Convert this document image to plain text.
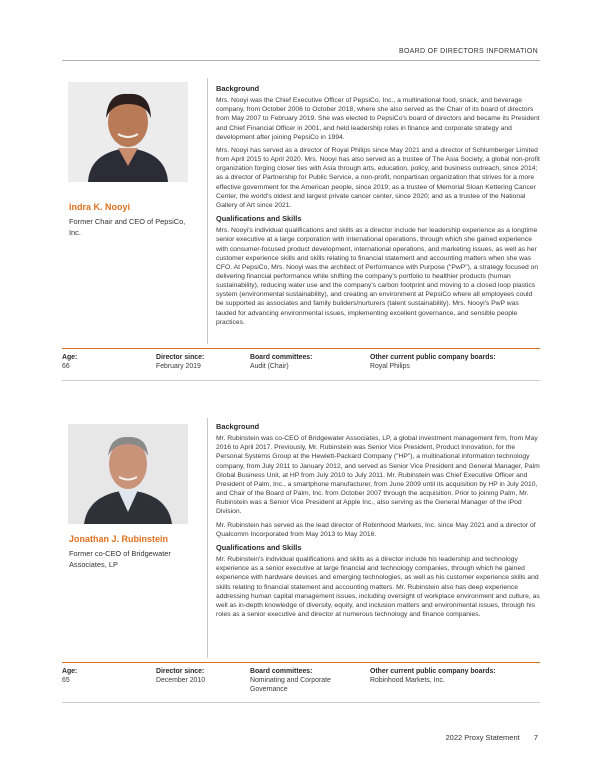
BOARD OF DIRECTORS INFORMATION
Indra K. Nooyi
Former Chair and CEO of PepsiCo, Inc.
Background

Mrs. Nooyi was the Chief Executive Officer of PepsiCo, Inc., a multinational food, snack, and beverage company, from October 2006 to October 2018, where she also served as the Chair of its board of directors from May 2007 to February 2019. She was elected to PepsiCo's board of directors and became its President and Chief Financial Officer in 2001, and held leadership roles in finance and corporate strategy and development after joining PepsiCo in 1994.

Mrs. Nooyi has served as a director of Royal Philips since May 2021 and a director of Schlumberger Limited from April 2015 to April 2020. Mrs. Nooyi has also served as a trustee of The Asia Society, a global non-profit organization forging closer ties with Asia through arts, education, policy, and business outreach, since 2014; as a director of Partnership for Public Service, a non-profit, nonpartisan organization that strives for a more effective government for the American people, since 2019; as a trustee of Memorial Sloan Kettering Cancer Center, the world's oldest and largest private cancer center, since 2020; and as a trustee of the National Gallery of Art since 2021.

Qualifications and Skills

Mrs. Nooyi's individual qualifications and skills as a director include her leadership experience as a longtime senior executive at a large corporation with international operations, through which she gained experience with consumer-focused product development, international operations, and marketing issues, as well as her customer experience skills and skills relating to financial statement and accounting matters when she was CFO. At PepsiCo, Mrs. Nooyi was the architect of Performance with Purpose ("PwP"), a strategy focused on delivering financial performance while shifting the company's portfolio to healthier products (human sustainability), reducing water use and the company's carbon footprint and moving to a closed loop plastics system (environmental sustainability), and creating an environment at PepsiCo where all employees could be supported as associates and family builders/nurturers (talent sustainability). Mrs. Nooyi's PwP was lauded for advancing environmental issues, implementing excellent governance, and sensible people practices.

Age:
66
Director since:
February 2019
Board committees:
Audit (Chair)
Other current public company boards:
Royal Philips
Jonathan J. Rubinstein
Former co-CEO of Bridgewater Associates, LP
Background

Mr. Rubinstein was co-CEO of Bridgewater Associates, LP, a global investment management firm, from May 2016 to April 2017. Previously, Mr. Rubinstein was Senior Vice President, Product Innovation, for the Personal Systems Group at the Hewlett-Packard Company ("HP"), a multinational information technology company, from July 2011 to January 2012, and served as Senior Vice President and General Manager, Palm Global Business Unit, at HP from July 2010 to July 2011. Mr. Rubinstein was Chief Executive Officer and President of Palm, Inc., a smartphone manufacturer, from June 2009 until its acquisition by HP in July 2010, and Chair of the Board of Palm, Inc. from October 2007 through the acquisition. Prior to joining Palm, Mr. Rubinstein was a Senior Vice President at Apple Inc., also serving as the General Manager of the iPod Division.

Mr. Rubinstein has served as the lead director of Robinhood Markets, Inc. since May 2021 and a director of Qualcomm Incorporated from May 2013 to May 2016.

Qualifications and Skills

Mr. Rubinstein's individual qualifications and skills as a director include his leadership and technology experience as a senior executive at large financial and technology companies, through which he gained experience with hardware devices and emerging technologies, as well as his customer experience skills and skills relating to financial statement and accounting matters. Mr. Rubinstein also has deep experience addressing human capital management issues, including oversight of workplace environment and culture, as well as in-depth knowledge of diversity, equity, and inclusion matters and environmental issues, through his roles as a senior executive and director at numerous technology and finance companies.

Age:
65
Director since:
December 2010
Board committees:
Nominating and Corporate Governance
Other current public company boards:
Robinhood Markets, Inc.
2022 Proxy Statement 7
